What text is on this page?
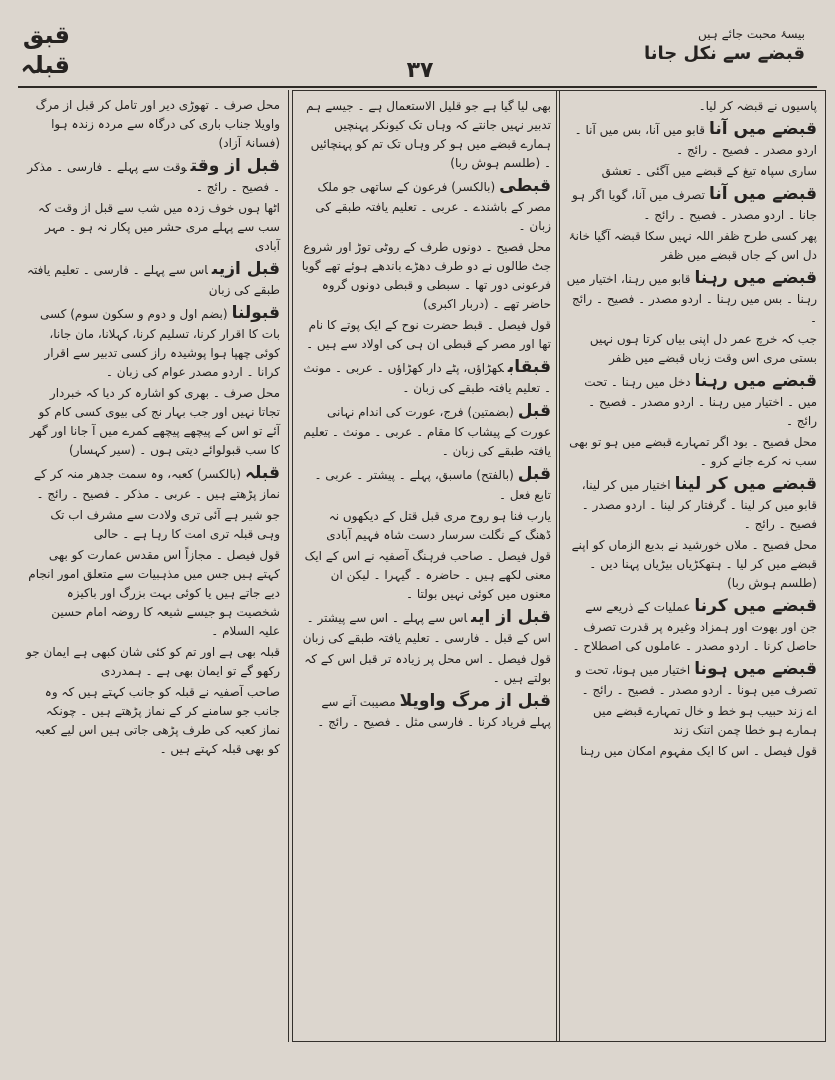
بیسۂ محبت جائے ہیں
قبضے سے نکل جانا
۳۷
قبق
قبلہ
پاسیوں نے قبضہ کر لیا۔
قبضے میں آناقابو میں آنا، بس میں آنا ۔ اردو مصدر ۔ فصیح ۔ رائج ۔
ساری سپاہ تیغ کے قبضے میں آگئی ۔ تعشق
قبضے میں آناتصرف میں آنا، گویا اگر ہو جانا ۔ اردو مصدر ۔ فصیح ۔ رائج ۔
پھر کسی طرح ظفر اللہ نہیں سکا قبضہ آگیا خانۂ دل اس کے جاں قبضے میں ظفر
قبضے میں رہناقابو میں رہنا، اختیار میں رہنا ۔ بس میں رہنا ۔ اردو مصدر ۔ فصیح ۔ رائج ۔
جب کہ خرچ عمر دل اپنی بیاں کرتا ہوں نہیں بستی مری اس وقت زباں قبضے میں ظفر
قبضے میں رہنادخل میں رہنا ۔ تحت میں ۔ اختیار میں رہنا ۔ اردو مصدر ۔ فصیح ۔ رائج ۔
محل فصیح ۔ بود اگر تمہارے قبضے میں ہو تو بھی سب نہ کرے جانے کرو ۔
قبضے میں کر لینااختیار میں کر لینا، قابو میں کر لینا ۔ گرفتار کر لینا ۔ اردو مصدر ۔ فصیح ۔ رائج ۔
محل فصیح ۔ ملاں خورشید نے بدیع الزماں کو اپنے قبضے میں کر لیا ۔ ہتھکڑیاں بیڑیاں پہنا دیں ۔ (طلسم ہوش ربا)
قبضے میں کرناعملیات کے ذریعے سے جن اور بھوت اور ہمزاد وغیرہ پر قدرت تصرف حاصل کرنا ۔ اردو مصدر ۔ عاملوں کی اصطلاح ۔
قبضے میں ہونااختیار میں ہونا، تحت و تصرف میں ہونا ۔ اردو مصدر ۔ فصیح ۔ رائج ۔
اے زند حبیب ہو خط و خال تمہارے قبضے میں ہمارے ہو خطا چمن اتنک زند
قول فیصل ۔ اس کا ایک مفہوم امکان میں رہنا
بھی لیا گیا ہے جو قلیل الاستعمال ہے ۔ جیسے ہم تدبیر نہیں جانتے کہ وہاں تک کیونکر پہنچیں ہمارے قبضے میں ہو کر وہاں تک تم کو پہنچائیں ۔ (طلسم ہوش ربا)
قبطی(بالکسر) فرعون کے ساتھی جو ملک مصر کے باشندے ۔ عربی ۔ تعلیم یافتہ طبقے کی زبان ۔
محل فصیح ۔ دونوں طرف کے روٹی توڑ اور شروع جٹ طالوں نے دو طرف دھڑے باندھے ہوئے تھے گویا فرعونی دور تھا ۔ سبطی و قبطی دونوں گروہ حاضر تھے ۔ (دربار اکبری)
قول فیصل ۔ قبط حضرت نوح کے ایک پوتے کا نام تھا اور مصر کے قبطی ان ہی کی اولاد سے ہیں ۔
قبقابکھڑاؤں، پٹے دار کھڑاؤں ۔ عربی ۔ مونث ۔ تعلیم یافتہ طبقے کی زبان ۔
قبل(بضمتین) فرج، عورت کی اندام نہانی عورت کے پیشاب کا مقام ۔ عربی ۔ مونث ۔ تعلیم یافتہ طبقے کی زبان ۔
قبل(بالفتح) ماسبق، پہلے ۔ پیشتر ۔ عربی ۔ تابع فعل ۔
یارب فنا ہو روح مری قبل قتل کے دیکھوں نہ ڈھنگ کے نگلت سرسار دست شاہ فہیم آبادی
قول فیصل ۔ صاحب فرہنگ آصفیہ نے اس کے ایک معنی لکھے ہیں ۔ حاضرہ ۔ گیہرا ۔ لیکن ان معنوں میں کوئی نہیں بولتا ۔
قبل از ایںاس سے پہلے ۔ اس سے پیشتر ۔ اس کے قبل ۔ فارسی ۔ تعلیم یافتہ طبقے کی زبان
قول فیصل ۔ اس محل پر زیادہ تر قبل اس کے کہ بولتے ہیں ۔
قبل از مرگ واویلامصیبت آنے سے پہلے فریاد کرنا ۔ فارسی مثل ۔ فصیح ۔ رائج ۔
محل صرف ۔ تھوڑی دیر اور تامل کر قبل از مرگ واویلا جناب باری کی درگاہ سے مردہ زندہ ہوا (فسانۂ آزاد)
قبل از وقتوقت سے پہلے ۔ فارسی ۔ مذکر ۔ فصیح ۔ رائج ۔
اٹھا ہوں خوف زدہ میں شب سے قبل از وقت کہ سب سے پہلے مری حشر میں پکار نہ ہو ۔ مہر آبادی
قبل ازیںاس سے پہلے ۔ فارسی ۔ تعلیم یافتہ طبقے کی زبان
قبولنا(بضم اول و دوم و سکون سوم) کسی بات کا اقرار کرنا، تسلیم کرنا، کہلانا، مان جانا، کوئی چھپا ہوا پوشیدہ راز کسی تدبیر سے اقرار کرانا ۔ اردو مصدر عوام کی زبان ۔
محل صرف ۔ بھری کو اشارہ کر دیا کہ خبردار تجاتا نہیں اور جب بہار نج کی بیوی کسی کام کو آئے تو اس کے پیچھے پیچھے کمرے میں آ جانا اور گھر کا سب قبولوائے دیتی ہوں ۔ (سیر کہسار)
قبلہ(بالکسر) کعبہ، وہ سمت جدھر منہ کر کے نماز پڑھتے ہیں ۔ عربی ۔ مذکر ۔ فصیح ۔ رائج ۔
جو شیر ہے آئی تری ولادت سے مشرف اب تک وہی قبلہ تری امت کا رہا ہے ۔ حالی
قول فیصل ۔ مجازاً اس مقدس عمارت کو بھی کہتے ہیں جس میں مذہبیات سے متعلق امور انجام دیے جاتے ہیں یا کوئی بہت بزرگ اور باکیزہ شخصیت ہو جیسے شیعہ کا روضہ امام حسین علیہ السلام ۔
قبلہ بھی ہے اور تم کو کئی شان کبھی ہے ایمان جو رکھو گے تو ایمان بھی ہے ۔ ہمدردی
صاحب آصفیہ نے قبلہ کو جانب کہتے ہیں کہ وہ جانب جو سامنے کر کے نماز پڑھتے ہیں ۔ چونکہ نماز کعبہ کی طرف پڑھی جاتی ہیں اس لیے کعبہ کو بھی قبلہ کہتے ہیں ۔
